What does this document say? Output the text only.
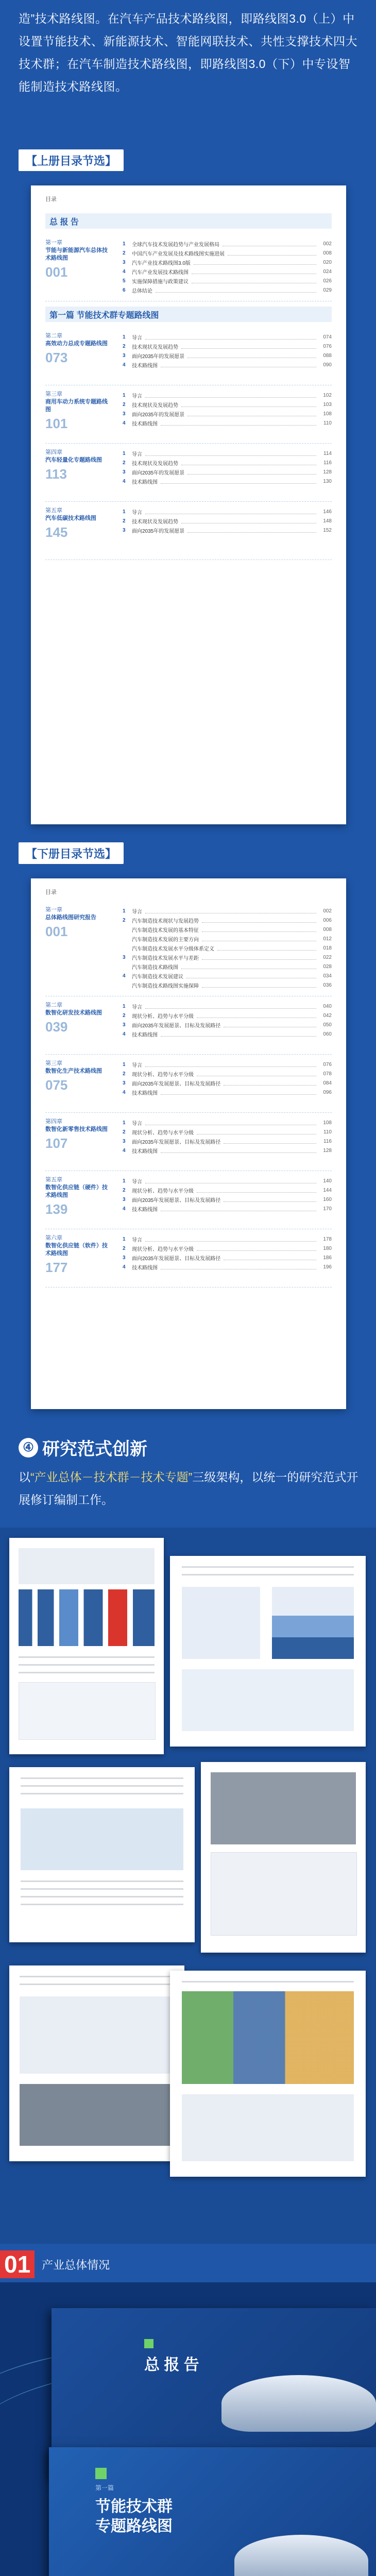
造”技术路线图。在汽车产品技术路线图，即路线图3.0（上）中设置节能技术、新能源技术、智能网联技术、共性支撑技术四大技术群；在汽车制造技术路线图，即路线图3.0（下）中专设智能制造技术路线图。

【上册目录节选】
目录
总 报 告
第一章
节能与新能源汽车总体技术路线图
001
1	全球汽车技术发展趋势与产业发展格局	002
2	中国汽车产业发展及技术路线图实施进展	008
3	汽车产业技术路线图3.0版	020
4	汽车产业发展技术路线图	024
5	实施保障措施与政策建议	026
6	总体结论	029
第一篇 节能技术群专题路线图
第二章
高效动力总成专题路线图
073
1	导言	074
2	技术现状及发展趋势	076
3	面向2035年的发展愿景	088
4	技术路线图	090
第三章
商用车动力系统专题路线图
101
1	导言	102
2	技术现状及发展趋势	103
3	面向2035年的发展愿景	108
4	技术路线图	110
第四章
汽车轻量化专题路线图
113
1	导言	114
2	技术现状及发展趋势	116
3	面向2035年的发展愿景	128
4	技术路线图	130
第五章
汽车低碳技术路线图
145
1	导言	146
2	技术现状及发展趋势	148
3	面向2035年的发展愿景	152
【下册目录节选】
目录
第一章
总体路线图研究报告
001
1	导言	002
2	汽车制造技术现状与发展趋势	006
汽车制造技术发展的基本特征	008
汽车制造技术发展的主要方向	012
汽车制造技术发展水平分级体系定义	018
3	汽车制造技术发展水平与差距	022
汽车制造技术路线图	028
4	汽车制造技术发展建议	034
汽车制造技术路线图实施保障	036
第二章
数智化研发技术路线图
039
1	导言	040
2	现状分析、趋势与水平分级	042
3	面向2035年发展愿景、目标及发展路径	050
4	技术路线图	060
第三章
数智化生产技术路线图
075
1	导言	076
2	现状分析、趋势与水平分级	078
3	面向2035年发展愿景、目标及发展路径	084
4	技术路线图	096
第四章
数智化新零售技术路线图
107
1	导言	108
2	现状分析、趋势与水平分级	110
3	面向2035年发展愿景、目标及发展路径	116
4	技术路线图	128
第五章
数智化供应链（硬件）技术路线图
139
1	导言	140
2	现状分析、趋势与水平分级	144
3	面向2035年发展愿景、目标及发展路径	160
4	技术路线图	170
第六章
数智化供应链（软件）技术路线图
177
1	导言	178
2	现状分析、趋势与水平分级	180
3	面向2035年发展愿景、目标及发展路径	186
4	技术路线图	196
④ 研究范式创新

以“产业总体－技术群－技术专题”三级架构，以统一的研究范式开展修订编制工作。

01	产业总体情况
总 报 告
第一篇
节能技术群
专题路线图
